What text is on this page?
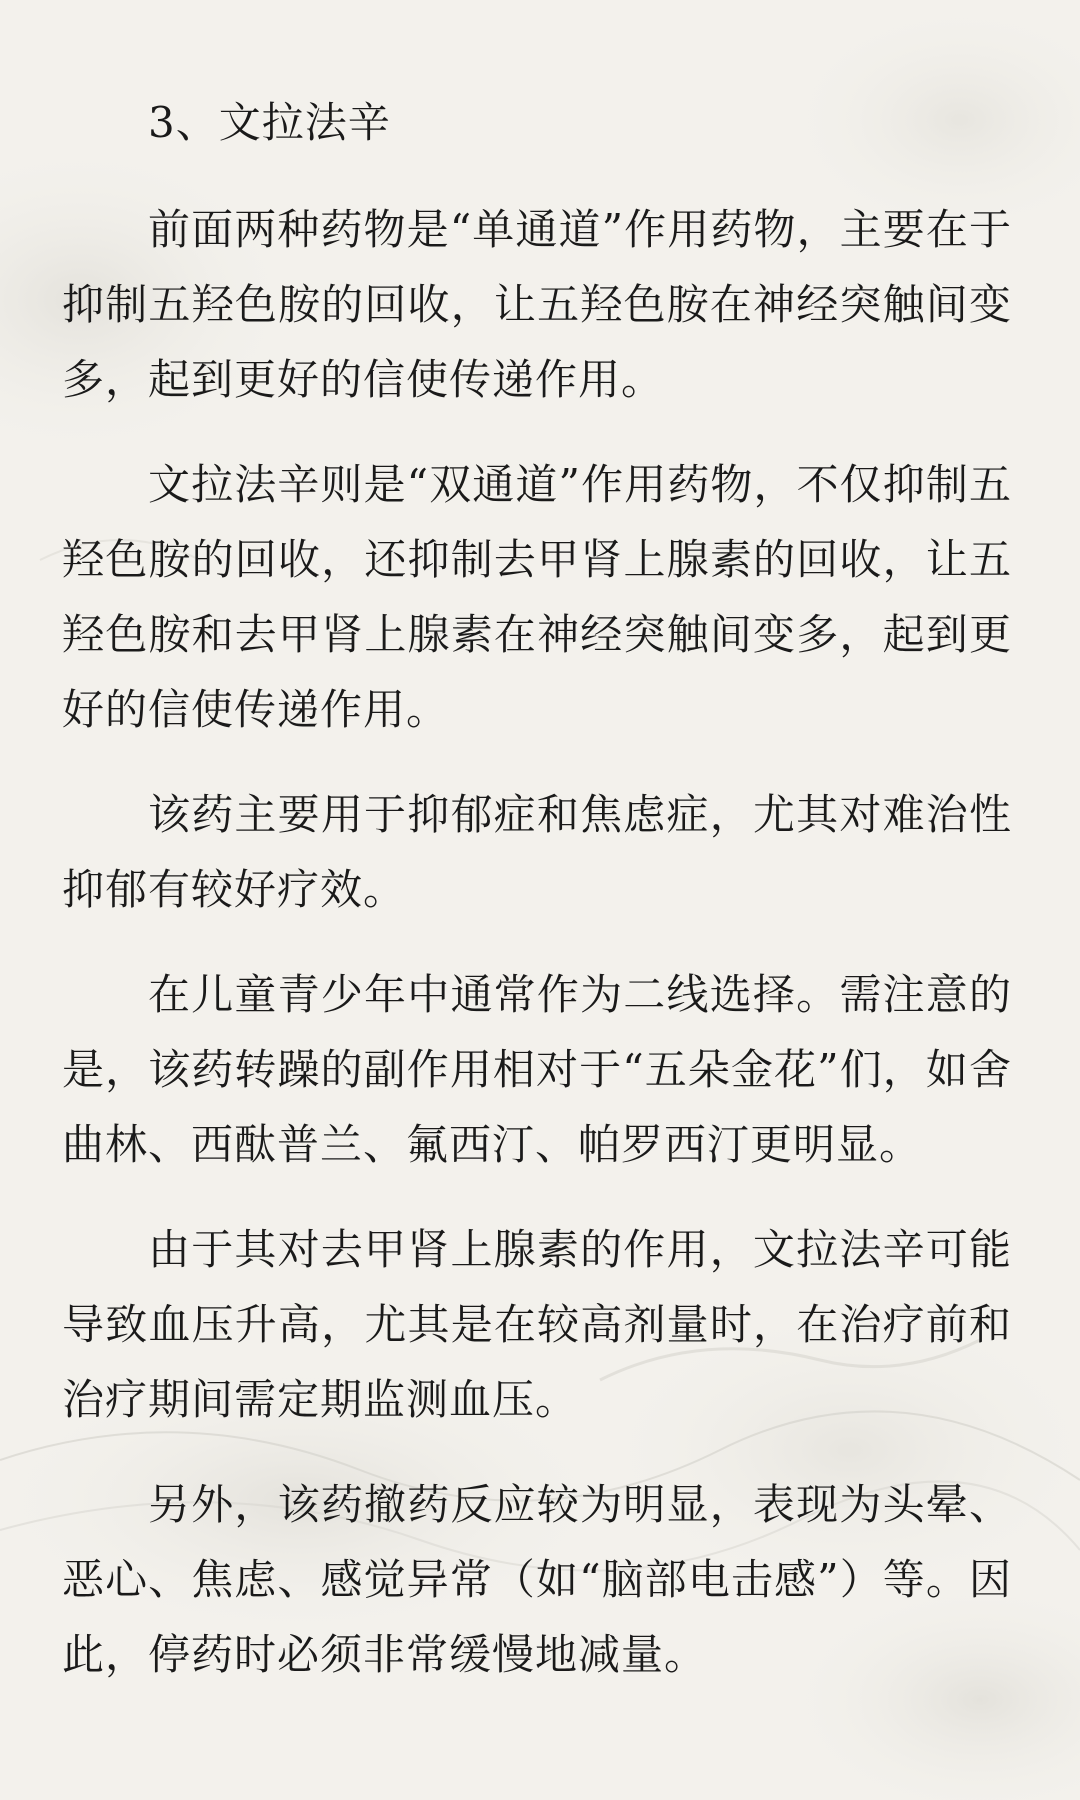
3、文拉法辛

前面两种药物是“单通道”作用药物，主要在于抑制五羟色胺的回收，让五羟色胺在神经突触间变多，起到更好的信使传递作用。

文拉法辛则是“双通道”作用药物，不仅抑制五羟色胺的回收，还抑制去甲肾上腺素的回收，让五羟色胺和去甲肾上腺素在神经突触间变多，起到更好的信使传递作用。

该药主要用于抑郁症和焦虑症，尤其对难治性抑郁有较好疗效。

在儿童青少年中通常作为二线选择。需注意的是，该药转躁的副作用相对于“五朵金花”们，如舍曲林、西酞普兰、氟西汀、帕罗西汀更明显。

由于其对去甲肾上腺素的作用，文拉法辛可能导致血压升高，尤其是在较高剂量时，在治疗前和治疗期间需定期监测血压。

另外，该药撤药反应较为明显，表现为头晕、恶心、焦虑、感觉异常（如“脑部电击感”）等。因此，停药时必须非常缓慢地减量。
